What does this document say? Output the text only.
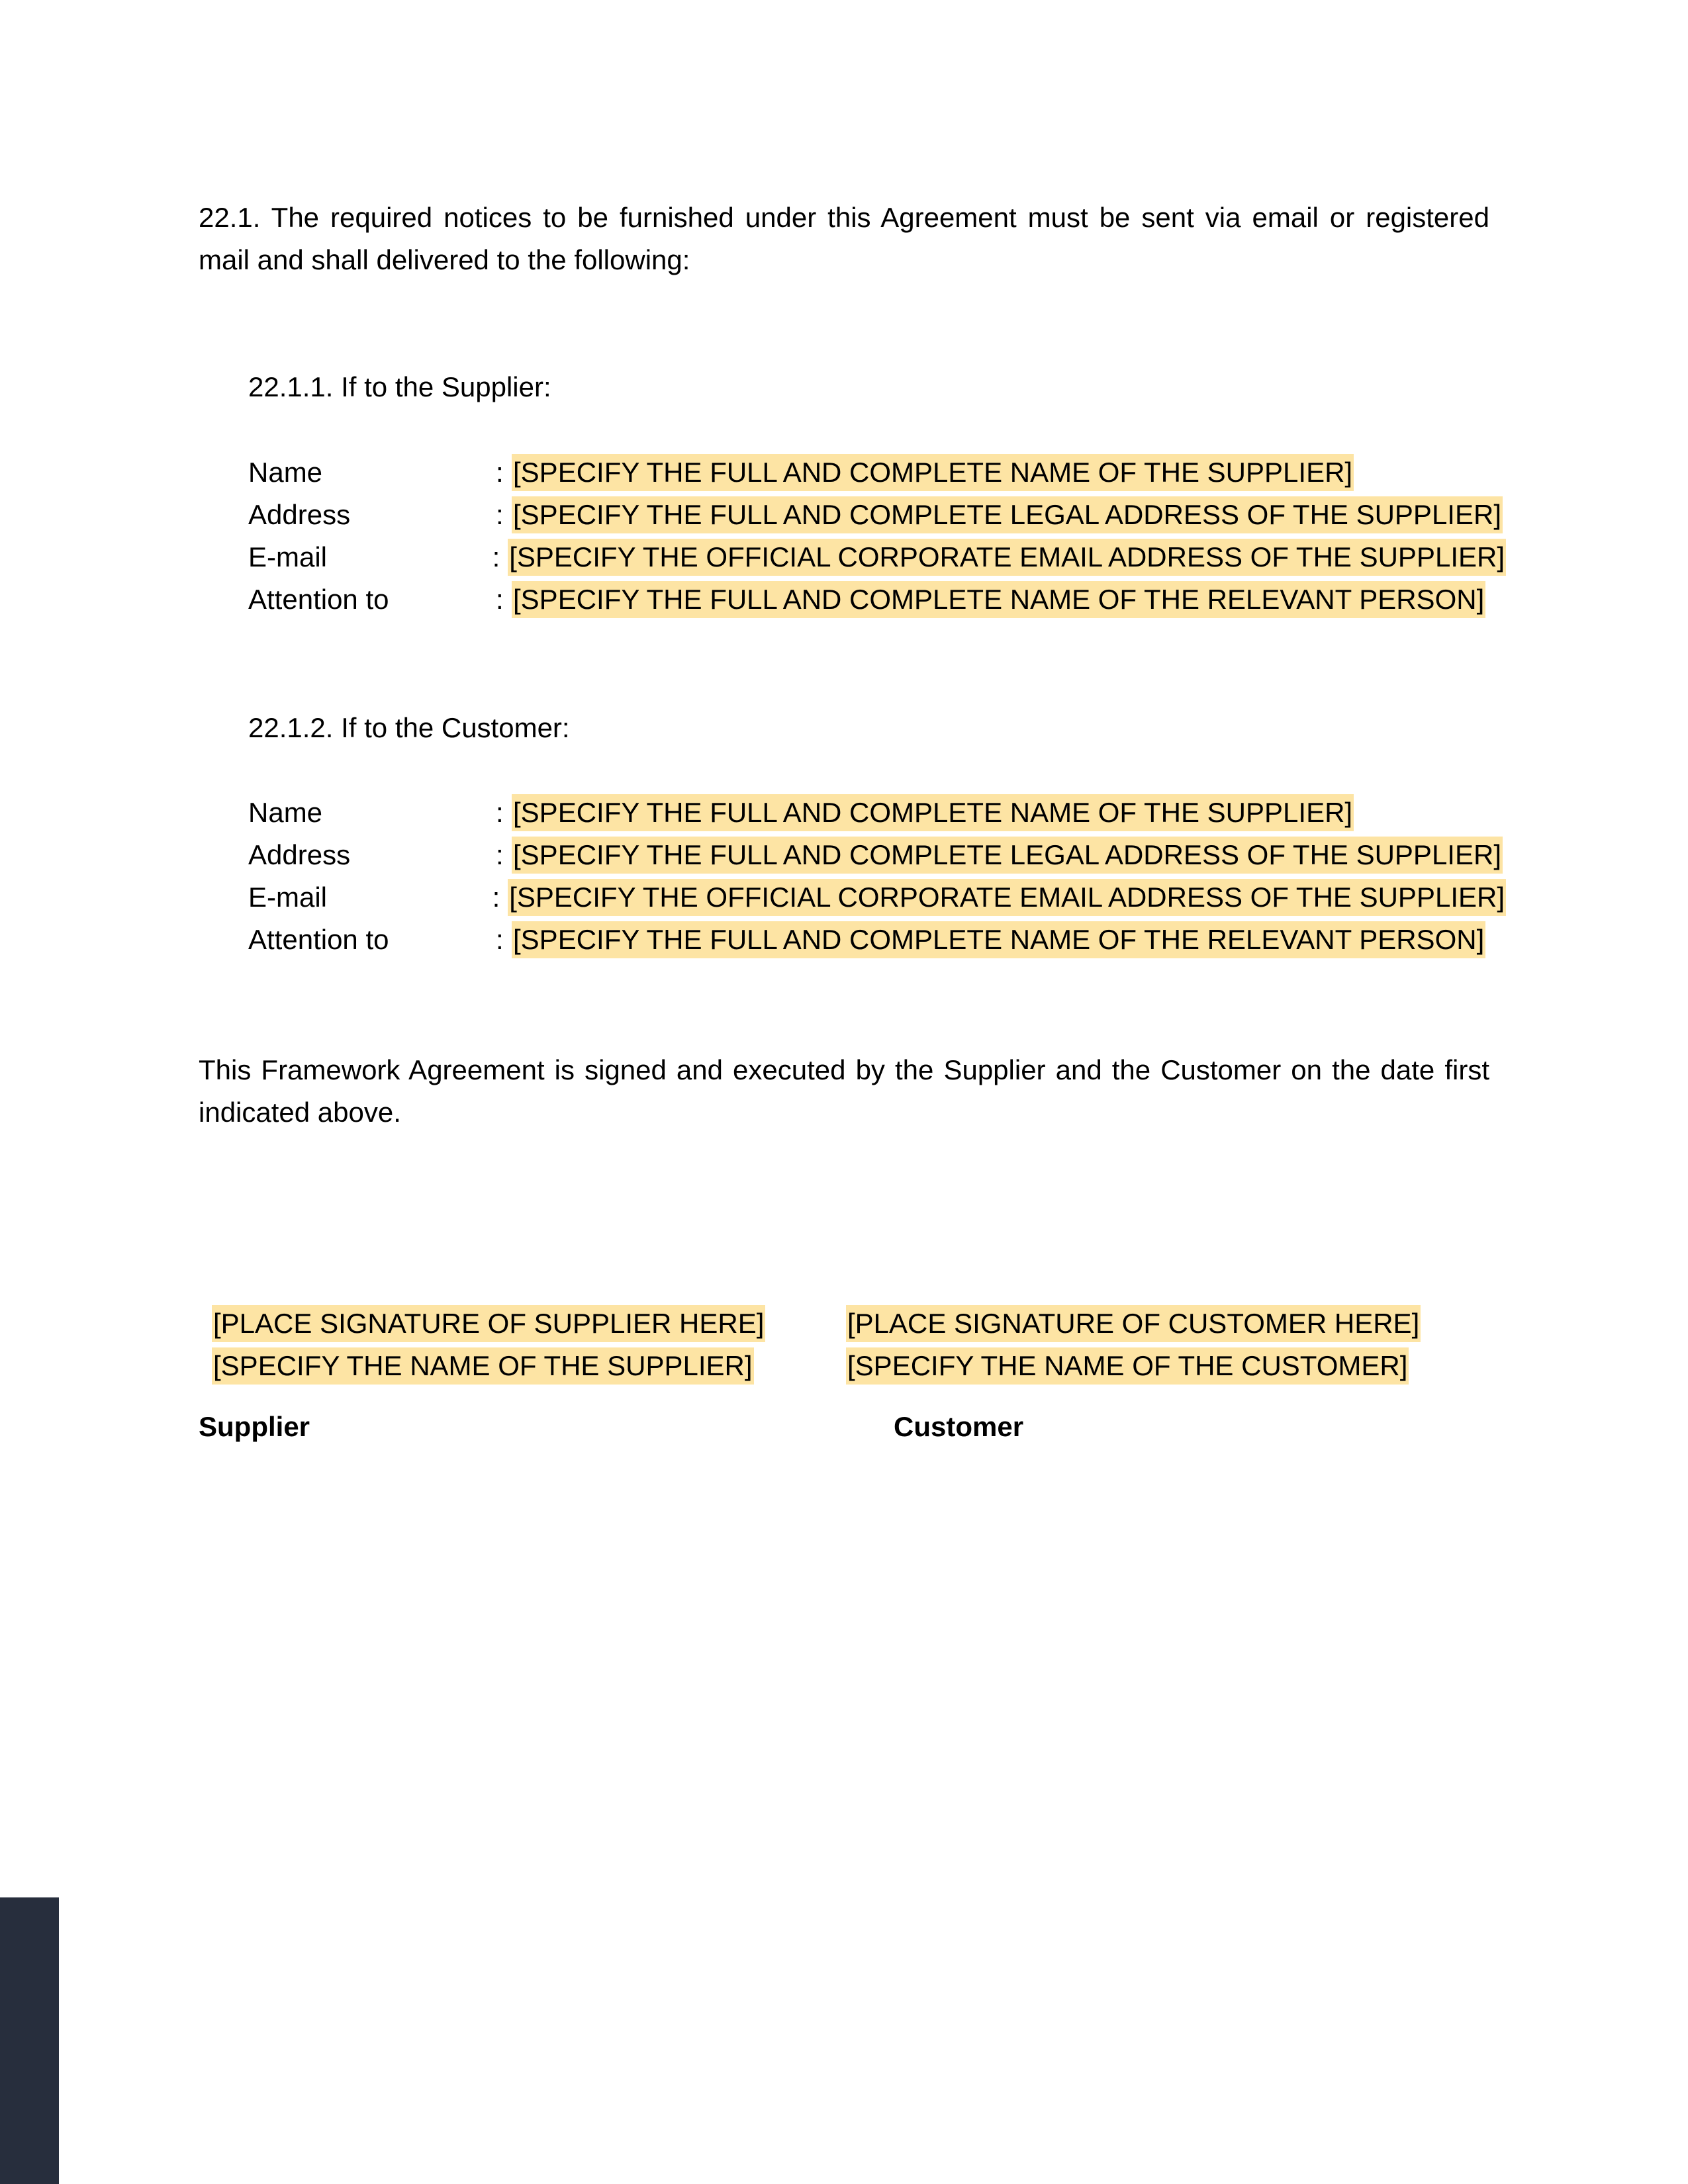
22.1. The required notices to be furnished under this Agreement must be sent via email or registered mail and shall delivered to the following:
22.1.1. If to the Supplier:
Name	: [SPECIFY THE FULL AND COMPLETE NAME OF THE SUPPLIER]
Address	: [SPECIFY THE FULL AND COMPLETE LEGAL ADDRESS OF THE SUPPLIER]
E-mail	: [SPECIFY THE OFFICIAL CORPORATE EMAIL ADDRESS OF THE SUPPLIER]
Attention to	: [SPECIFY THE FULL AND COMPLETE NAME OF THE RELEVANT PERSON]
22.1.2. If to the Customer:
Name	: [SPECIFY THE FULL AND COMPLETE NAME OF THE SUPPLIER]
Address	: [SPECIFY THE FULL AND COMPLETE LEGAL ADDRESS OF THE SUPPLIER]
E-mail	: [SPECIFY THE OFFICIAL CORPORATE EMAIL ADDRESS OF THE SUPPLIER]
Attention to	: [SPECIFY THE FULL AND COMPLETE NAME OF THE RELEVANT PERSON]
This Framework Agreement is signed and executed by the Supplier and the Customer on the date first indicated above.
[PLACE SIGNATURE OF SUPPLIER HERE]
[SPECIFY THE NAME OF THE SUPPLIER]
[PLACE SIGNATURE OF CUSTOMER HERE]
[SPECIFY THE NAME OF THE CUSTOMER]
Supplier	Customer
